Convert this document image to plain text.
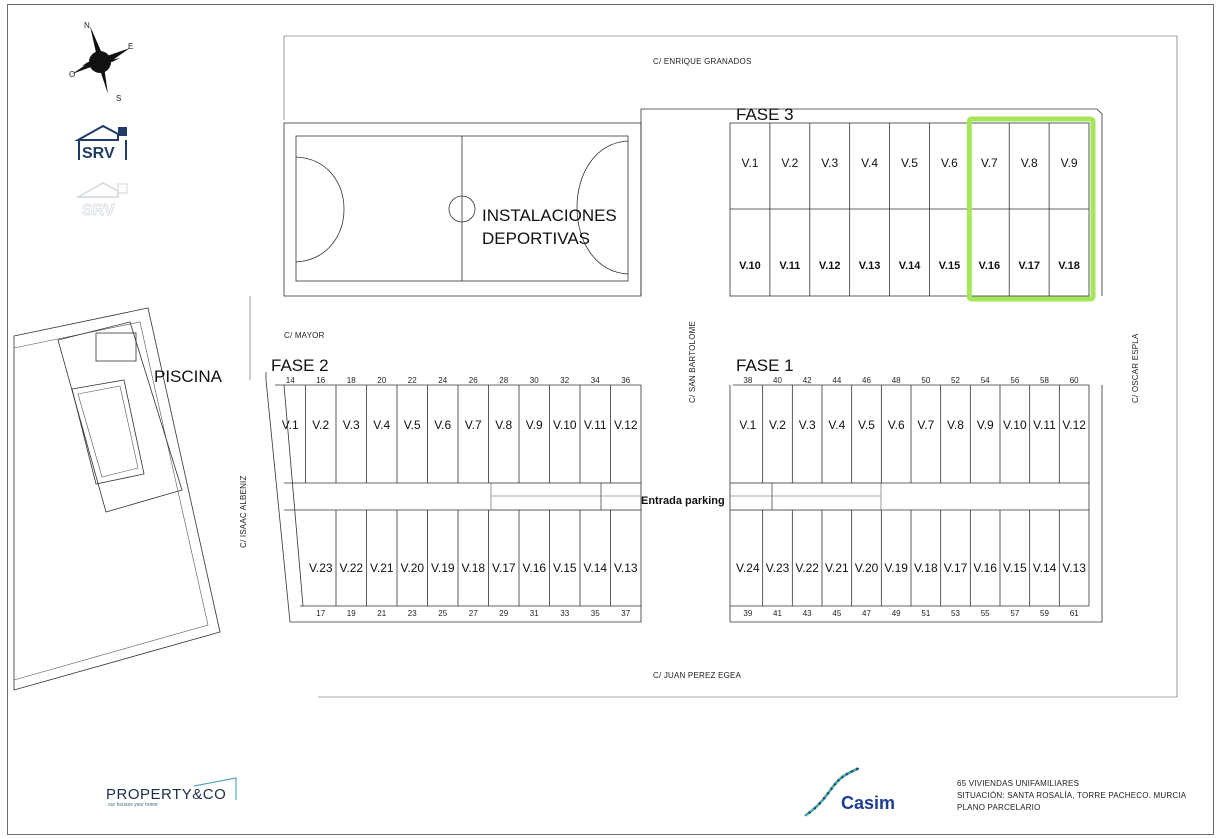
N
E
S
O
SRV
SRV
C/ ENRIQUE GRANADOS
C/ JUAN PEREZ EGEA
C/ MAYOR	C/ SAN BARTOLOME	C/ OSCAR ESPLA
C/ ISAAC ALBENIZ
INSTALACIONES
DEPORTIVAS
PISCINA
FASE 3
FASE 2	FASE 1
V.1 V.2 V.3 V.4 V.5 V.6 V.7 V.8 V.9
V.10 V.11 V.12 V.13 V.14 V.15 V.16 V.17 V.18
14	16	18	20	22	24	26	28	30	32	34	36
V.1 V.2 V.3 V.4 V.5 V.6 V.7 V.8 V.9 V.10 V.11 V.12
V.23 V.22 V.21 V.20 V.19 V.18 V.17 V.16 V.15 V.14 V.13
17	19	21	23	25	27	29	31	33	35	37
38	40	42	44	46	48	50	52	54	56	58	60
V.1 V.2 V.3 V.4 V.5 V.6 V.7 V.8 V.9 V.10 V.11 V.12
V.24 V.23 V.22 V.21 V.20 V.19 V.18 V.17 V.16 V.15 V.14 V.13
39	41	43	45	47	49	51	53	55	57	59	61
Entrada parking
PROPERTY&CO
our houses your home	Casim
65 VIVIENDAS UNIFAMILIARES
SITUACIÓN: SANTA ROSALÍA, TORRE PACHECO. MURCIA
PLANO PARCELARIO
